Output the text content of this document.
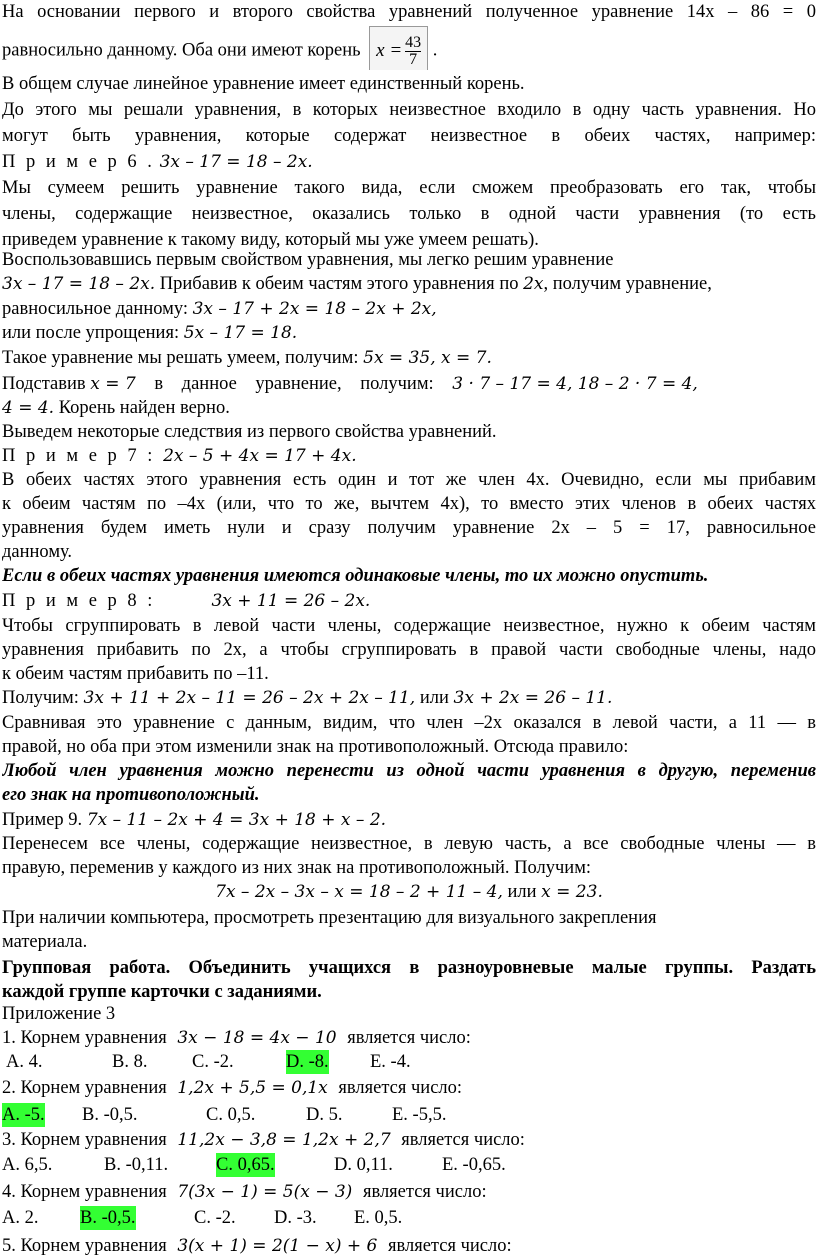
На основании первого и второго свойства уравнений полученное уравнение 14x – 86 = 0
равносильно данному. Оба они имеют корень $x = \frac{43}{7}$ .
В общем случае линейное уравнение имеет единственный корень.
До этого мы решали уравнения, в которых неизвестное входило в одну часть уравнения. Но
могут быть уравнения, которые содержат неизвестное в обеих частях, например:
П р и м е р 6 . 3x – 17 = 18 – 2x.
Мы сумеем решить уравнение такого вида, если сможем преобразовать его так, чтобы
члены, содержащие неизвестное, оказались только в одной части уравнения (то есть
приведем уравнение к такому виду, который мы уже умеем решать).
Воспользовавшись первым свойством уравнения, мы легко решим уравнение
3x – 17 = 18 – 2x. Прибавив к обеим частям этого уравнения по 2x, получим уравнение,
равносильное данному: 3x – 17 + 2x = 18 – 2x + 2x,
или после упрощения: 5x – 17 = 18.
Такое уравнение мы решать умеем, получим: 5x = 35, x = 7.
Подставив x = 7 в данное уравнение, получим: 3 · 7 – 17 = 4, 18 – 2 · 7 = 4,
4 = 4. Корень найден верно.
Выведем некоторые следствия из первого свойства уравнений.
П р и м е р 7 : 2x – 5 + 4x = 17 + 4x.
В обеих частях этого уравнения есть один и тот же член 4x. Очевидно, если мы прибавим
к обеим частям по –4x (или, что то же, вычтем 4x), то вместо этих членов в обеих частях
уравнения будем иметь нули и сразу получим уравнение 2x – 5 = 17, равносильное
данному.
Если в обеих частях уравнения имеются одинаковые члены, то их можно опустить.
П р и м е р 8 :	3x + 11 = 26 – 2x.
Чтобы сгруппировать в левой части члены, содержащие неизвестное, нужно к обеим частям
уравнения прибавить по 2x, а чтобы сгруппировать в правой части свободные члены, надо
к обеим частям прибавить по –11.
Получим: 3x + 11 + 2x – 11 = 26 – 2x + 2x – 11, или 3x + 2x = 26 – 11.
Сравнивая это уравнение с данным, видим, что член –2x оказался в левой части, а 11 — в
правой, но оба при этом изменили знак на противоположный. Отсюда правило:
Любой член уравнения можно перенести из одной части уравнения в другую, переменив
его знак на противоположный.
Пример 9. 7x – 11 – 2x + 4 = 3x + 18 + x – 2.
Перенесем все члены, содержащие неизвестное, в левую часть, а все свободные члены — в
правую, переменив у каждого из них знак на противоположный. Получим:
7x – 2x – 3x – x = 18 – 2 + 11 – 4, или x = 23.
При наличии компьютера, просмотреть презентацию для визуального закрепления
материала.
Групповая работа. Объединить учащихся в разноуровневые малые группы. Раздать
каждой группе карточки с заданиями.
Приложение 3
1. Корнем уравнения 3x − 18 = 4x − 10 является число:
A. 4.	B. 8. C. -2.	D. -8. E. -4.
2. Корнем уравнения 1,2x + 5,5 = 0,1x является число:
A. -5. B. -0,5.	C. 0,5.	D. 5.	E. -5,5.
3. Корнем уравнения 11,2x − 3,8 = 1,2x + 2,7 является число:
A. 6,5.	B. -0,11.	C. 0,65.	D. 0,11.	E. -0,65.
4. Корнем уравнения 7(3x − 1) = 5(x − 3) является число:
A. 2. B. -0,5.	C. -2. D. -3. E. 0,5.
5. Корнем уравнения 3(x + 1) = 2(1 − x) + 6 является число:
